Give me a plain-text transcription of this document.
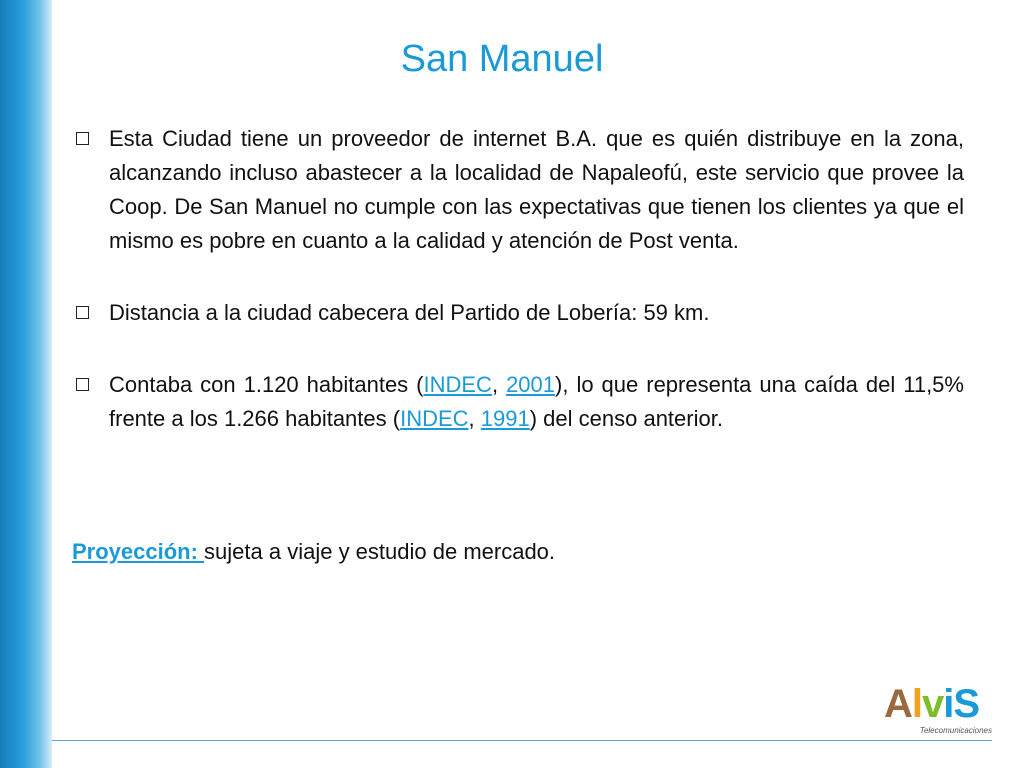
San Manuel
Esta Ciudad tiene un proveedor de internet B.A. que es quién distribuye en la zona, alcanzando incluso abastecer a la localidad de Napaleofú, este servicio que provee la Coop. De San Manuel no cumple con las expectativas que tienen los clientes ya que el mismo es pobre en cuanto a la calidad y atención de Post venta.
Distancia a la ciudad cabecera del Partido de Lobería: 59 km.
Contaba con 1.120 habitantes (INDEC, 2001), lo que representa una caída del 11,5% frente a los 1.266 habitantes (INDEC, 1991) del censo anterior.
Proyección: sujeta a viaje y estudio de mercado.
AlviS
Telecomunicaciones
